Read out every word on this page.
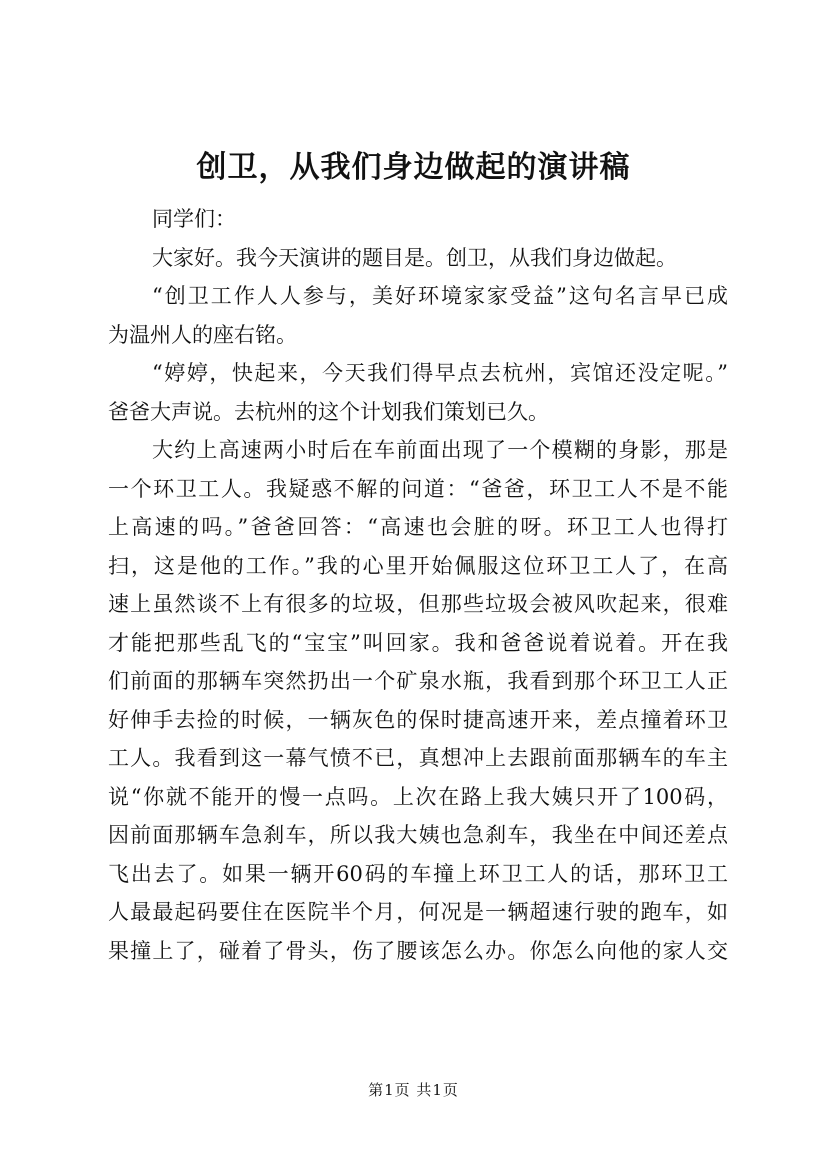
创卫，从我们身边做起的演讲稿
同学们：
大家好。我今天演讲的题目是。创卫，从我们身边做起。
“创卫工作人人参与，美好环境家家受益”这句名言早已成
为温州人的座右铭。
“婷婷，快起来，今天我们得早点去杭州，宾馆还没定呢。”
爸爸大声说。去杭州的这个计划我们策划已久。
大约上高速两小时后在车前面出现了一个模糊的身影，那是
一个环卫工人。我疑惑不解的问道：“爸爸，环卫工人不是不能
上高速的吗。”爸爸回答：“高速也会脏的呀。环卫工人也得打
扫，这是他的工作。”我的心里开始佩服这位环卫工人了，在高
速上虽然谈不上有很多的垃圾，但那些垃圾会被风吹起来，很难
才能把那些乱飞的“宝宝”叫回家。我和爸爸说着说着。开在我
们前面的那辆车突然扔出一个矿泉水瓶，我看到那个环卫工人正
好伸手去捡的时候，一辆灰色的保时捷高速开来，差点撞着环卫
工人。我看到这一幕气愤不已，真想冲上去跟前面那辆车的车主
说“你就不能开的慢一点吗。上次在路上我大姨只开了100码，
因前面那辆车急刹车，所以我大姨也急刹车，我坐在中间还差点
飞出去了。如果一辆开60码的车撞上环卫工人的话，那环卫工
人最最起码要住在医院半个月，何况是一辆超速行驶的跑车，如
果撞上了，碰着了骨头，伤了腰该怎么办。你怎么向他的家人交
第1页 共1页
